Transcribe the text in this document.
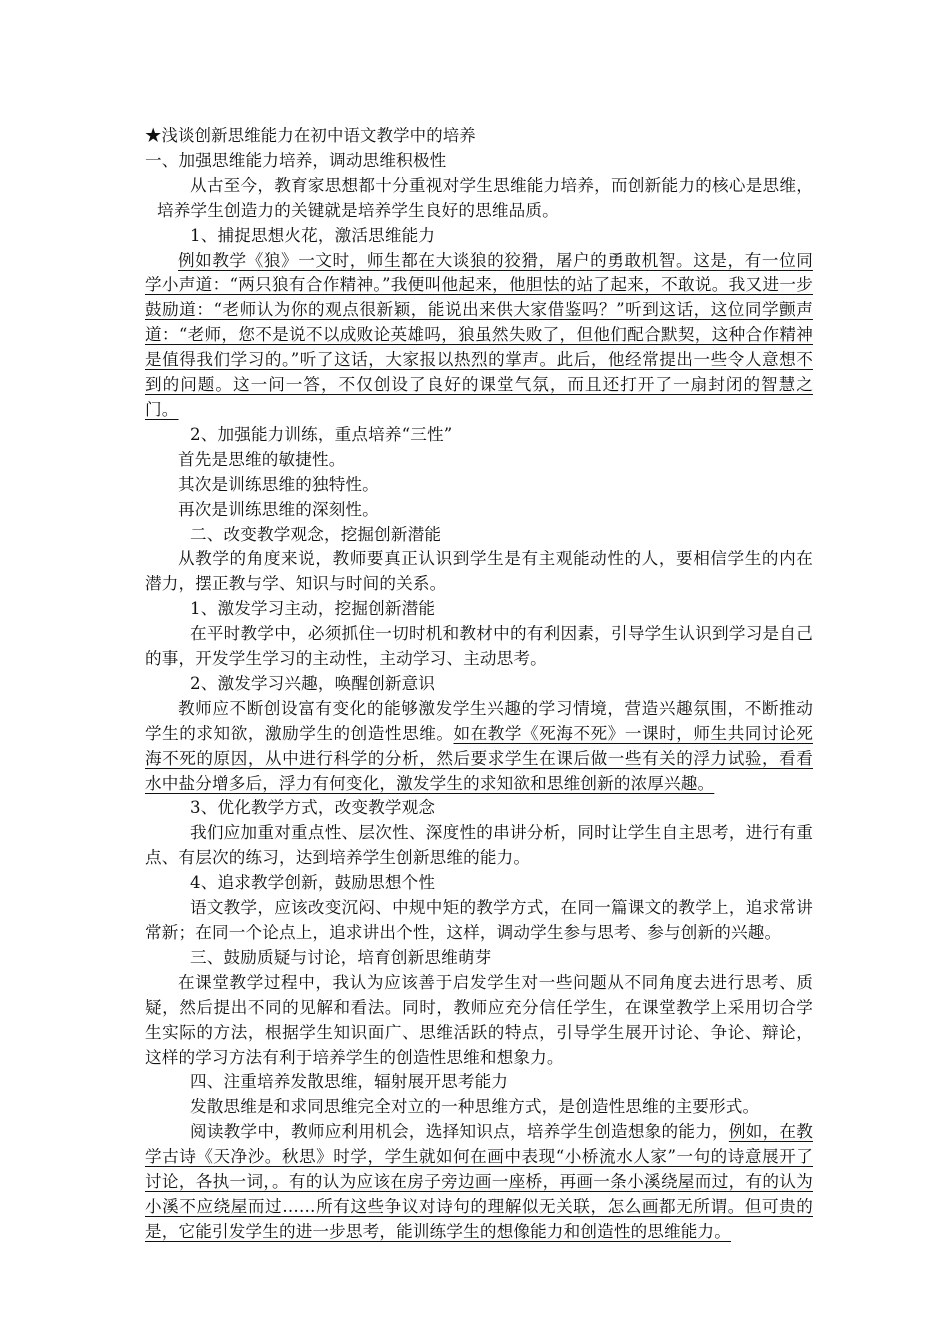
★浅谈创新思维能力在初中语文教学中的培养

一、加强思维能力培养，调动思维积极性

从古至今，教育家思想都十分重视对学生思维能力培养，而创新能力的核心是思维，培养学生创造力的关键就是培养学生良好的思维品质。

1、捕捉思想火花，激活思维能力

例如教学《狼》一文时，师生都在大谈狼的狡猾，屠户的勇敢机智。这是，有一位同学小声道：“两只狼有合作精神。”我便叫他起来，他胆怯的站了起来，不敢说。我又进一步鼓励道：“老师认为你的观点很新颖，能说出来供大家借鉴吗？”听到这话，这位同学颤声道：“老师，您不是说不以成败论英雄吗，狼虽然失败了，但他们配合默契，这种合作精神是值得我们学习的。”听了这话，大家报以热烈的掌声。此后，他经常提出一些令人意想不到的问题。这一问一答，不仅创设了良好的课堂气氛，而且还打开了一扇封闭的智慧之门。

2、加强能力训练，重点培养“三性”

首先是思维的敏捷性。

其次是训练思维的独特性。

再次是训练思维的深刻性。

二、改变教学观念，挖掘创新潜能

从教学的角度来说，教师要真正认识到学生是有主观能动性的人，要相信学生的内在潜力，摆正教与学、知识与时间的关系。

1、激发学习主动，挖掘创新潜能

在平时教学中，必须抓住一切时机和教材中的有利因素，引导学生认识到学习是自己的事，开发学生学习的主动性，主动学习、主动思考。

2、激发学习兴趣，唤醒创新意识

教师应不断创设富有变化的能够激发学生兴趣的学习情境，营造兴趣氛围，不断推动学生的求知欲，激励学生的创造性思维。如在教学《死海不死》一课时，师生共同讨论死海不死的原因，从中进行科学的分析，然后要求学生在课后做一些有关的浮力试验，看看水中盐分增多后，浮力有何变化，激发学生的求知欲和思维创新的浓厚兴趣。

3、优化教学方式，改变教学观念

我们应加重对重点性、层次性、深度性的串讲分析，同时让学生自主思考，进行有重点、有层次的练习，达到培养学生创新思维的能力。

4、追求教学创新，鼓励思想个性

语文教学，应该改变沉闷、中规中矩的教学方式，在同一篇课文的教学上，追求常讲常新；在同一个论点上，追求讲出个性，这样，调动学生参与思考、参与创新的兴趣。

三、鼓励质疑与讨论，培育创新思维萌芽

在课堂教学过程中，我认为应该善于启发学生对一些问题从不同角度去进行思考、质疑，然后提出不同的见解和看法。同时，教师应充分信任学生，在课堂教学上采用切合学生实际的方法，根据学生知识面广、思维活跃的特点，引导学生展开讨论、争论、辩论，这样的学习方法有利于培养学生的创造性思维和想象力。

四、注重培养发散思维，辐射展开思考能力

发散思维是和求同思维完全对立的一种思维方式，是创造性思维的主要形式。

阅读教学中，教师应利用机会，选择知识点，培养学生创造想象的能力，例如，在教学古诗《天净沙。秋思》时学，学生就如何在画中表现“小桥流水人家”一句的诗意展开了讨论，各执一词，。有的认为应该在房子旁边画一座桥，再画一条小溪绕屋而过，有的认为小溪不应绕屋而过……所有这些争议对诗句的理解似无关联，怎么画都无所谓。但可贵的是，它能引发学生的进一步思考，能训练学生的想像能力和创造性的思维能力。
